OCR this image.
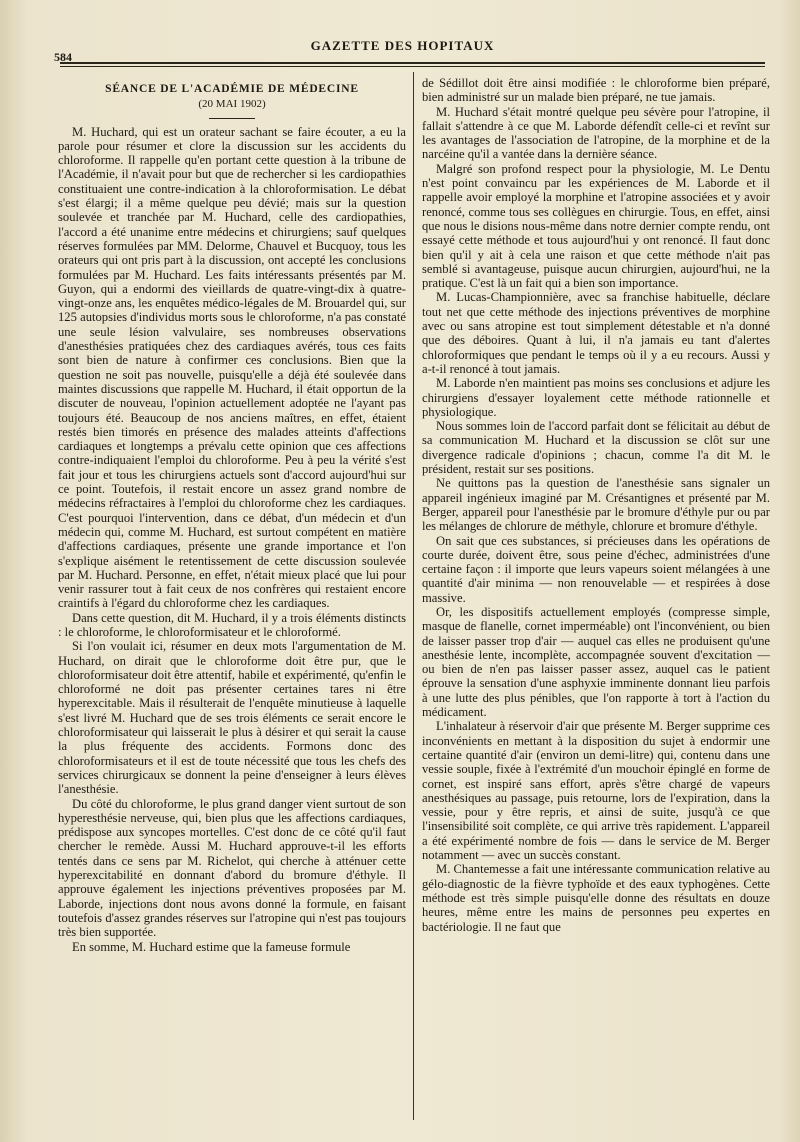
584
GAZETTE DES HOPITAUX
SÉANCE DE L'ACADÉMIE DE MÉDECINE
(20 MAI 1902)

M. Huchard, qui est un orateur sachant se faire écouter, a eu la parole pour résumer et clore la discussion sur les accidents du chloroforme. Il rappelle qu'en portant cette question à la tribune de l'Académie, il n'avait pour but que de rechercher si les cardiopathies constituaient une contre-indication à la chloroformisation. Le débat s'est élargi; il a même quelque peu dévié; mais sur la question soulevée et tranchée par M. Huchard, celle des cardiopathies, l'accord a été unanime entre médecins et chirurgiens; sauf quelques réserves formulées par MM. Delorme, Chauvel et Bucquoy, tous les orateurs qui ont pris part à la discussion, ont accepté les conclusions formulées par M. Huchard. Les faits intéressants présentés par M. Guyon, qui a endormi des vieillards de quatre-vingt-dix à quatre-vingt-onze ans, les enquêtes médico-légales de M. Brouardel qui, sur 125 autopsies d'individus morts sous le chloroforme, n'a pas constaté une seule lésion valvulaire, ses nombreuses observations d'anesthésies pratiquées chez des cardiaques avérés, tous ces faits sont bien de nature à confirmer ces conclusions. Bien que la question ne soit pas nouvelle, puisqu'elle a déjà été soulevée dans maintes discussions que rappelle M. Huchard, il était opportun de la discuter de nouveau, l'opinion actuellement adoptée ne l'ayant pas toujours été. Beaucoup de nos anciens maîtres, en effet, étaient restés bien timorés en présence des malades atteints d'affections cardiaques et longtemps a prévalu cette opinion que ces affections contre-indiquaient l'emploi du chloroforme. Peu à peu la vérité s'est fait jour et tous les chirurgiens actuels sont d'accord aujourd'hui sur ce point. Toutefois, il restait encore un assez grand nombre de médecins réfractaires à l'emploi du chloroforme chez les cardiaques. C'est pourquoi l'intervention, dans ce débat, d'un médecin et d'un médecin qui, comme M. Huchard, est surtout compétent en matière d'affections cardiaques, présente une grande importance et l'on s'explique aisément le retentissement de cette discussion soulevée par M. Huchard. Personne, en effet, n'était mieux placé que lui pour venir rassurer tout à fait ceux de nos confrères qui restaient encore craintifs à l'égard du chloroforme chez les cardiaques.

Dans cette question, dit M. Huchard, il y a trois éléments distincts : le chloroforme, le chloroformisateur et le chloroformé.

Si l'on voulait ici, résumer en deux mots l'argumentation de M. Huchard, on dirait que le chloroforme doit être pur, que le chloroformisateur doit être attentif, habile et expérimenté, qu'enfin le chloroformé ne doit pas présenter certaines tares ni être hyperexcitable. Mais il résulterait de l'enquête minutieuse à laquelle s'est livré M. Huchard que de ses trois éléments ce serait encore le chloroformisateur qui laisserait le plus à désirer et qui serait la cause la plus fréquente des accidents. Formons donc des chloroformisateurs et il est de toute nécessité que tous les chefs des services chirurgicaux se donnent la peine d'enseigner à leurs élèves l'anesthésie.

Du côté du chloroforme, le plus grand danger vient surtout de son hyperesthésie nerveuse, qui, bien plus que les affections cardiaques, prédispose aux syncopes mortelles. C'est donc de ce côté qu'il faut chercher le remède. Aussi M. Huchard approuve-t-il les efforts tentés dans ce sens par M. Richelot, qui cherche à atténuer cette hyperexcitabilité en donnant d'abord du bromure d'éthyle. Il approuve également les injections préventives proposées par M. Laborde, injections dont nous avons donné la formule, en faisant toutefois d'assez grandes réserves sur l'atropine qui n'est pas toujours très bien supportée.

En somme, M. Huchard estime que la fameuse formule

de Sédillot doit être ainsi modifiée : le chloroforme bien préparé, bien administré sur un malade bien préparé, ne tue jamais.

M. Huchard s'était montré quelque peu sévère pour l'atropine, il fallait s'attendre à ce que M. Laborde défendît celle-ci et revînt sur les avantages de l'association de l'atropine, de la morphine et de la narcéine qu'il a vantée dans la dernière séance.

Malgré son profond respect pour la physiologie, M. Le Dentu n'est point convaincu par les expériences de M. Laborde et il rappelle avoir employé la morphine et l'atropine associées et y avoir renoncé, comme tous ses collègues en chirurgie. Tous, en effet, ainsi que nous le disions nous-même dans notre dernier compte rendu, ont essayé cette méthode et tous aujourd'hui y ont renoncé. Il faut donc bien qu'il y ait à cela une raison et que cette méthode n'ait pas semblé si avantageuse, puisque aucun chirurgien, aujourd'hui, ne la pratique. C'est là un fait qui a bien son importance.

M. Lucas-Championnière, avec sa franchise habituelle, déclare tout net que cette méthode des injections préventives de morphine avec ou sans atropine est tout simplement détestable et n'a donné que des déboires. Quant à lui, il n'a jamais eu tant d'alertes chloroformiques que pendant le temps où il y a eu recours. Aussi y a-t-il renoncé à tout jamais.

M. Laborde n'en maintient pas moins ses conclusions et adjure les chirurgiens d'essayer loyalement cette méthode rationnelle et physiologique.

Nous sommes loin de l'accord parfait dont se félicitait au début de sa communication M. Huchard et la discussion se clôt sur une divergence radicale d'opinions ; chacun, comme l'a dit M. le président, restait sur ses positions.

Ne quittons pas la question de l'anesthésie sans signaler un appareil ingénieux imaginé par M. Crésantignes et présenté par M. Berger, appareil pour l'anesthésie par le bromure d'éthyle pur ou par les mélanges de chlorure de méthyle, chlorure et bromure d'éthyle.

On sait que ces substances, si précieuses dans les opérations de courte durée, doivent être, sous peine d'échec, administrées d'une certaine façon : il importe que leurs vapeurs soient mélangées à une quantité d'air minima — non renouvelable — et respirées à dose massive.

Or, les dispositifs actuellement employés (compresse simple, masque de flanelle, cornet imperméable) ont l'inconvénient, ou bien de laisser passer trop d'air — auquel cas elles ne produisent qu'une anesthésie lente, incomplète, accompagnée souvent d'excitation — ou bien de n'en pas laisser passer assez, auquel cas le patient éprouve la sensation d'une asphyxie imminente donnant lieu parfois à une lutte des plus pénibles, que l'on rapporte à tort à l'action du médicament.

L'inhalateur à réservoir d'air que présente M. Berger supprime ces inconvénients en mettant à la disposition du sujet à endormir une certaine quantité d'air (environ un demi-litre) qui, contenu dans une vessie souple, fixée à l'extrémité d'un mouchoir épinglé en forme de cornet, est inspiré sans effort, après s'être chargé de vapeurs anesthésiques au passage, puis retourne, lors de l'expiration, dans la vessie, pour y être repris, et ainsi de suite, jusqu'à ce que l'insensibilité soit complète, ce qui arrive très rapidement. L'appareil a été expérimenté nombre de fois — dans le service de M. Berger notamment — avec un succès constant.

M. Chantemesse a fait une intéressante communication relative au gélo-diagnostic de la fièvre typhoïde et des eaux typhogènes. Cette méthode est très simple puisqu'elle donne des résultats en douze heures, même entre les mains de personnes peu expertes en bactériologie. Il ne faut que
